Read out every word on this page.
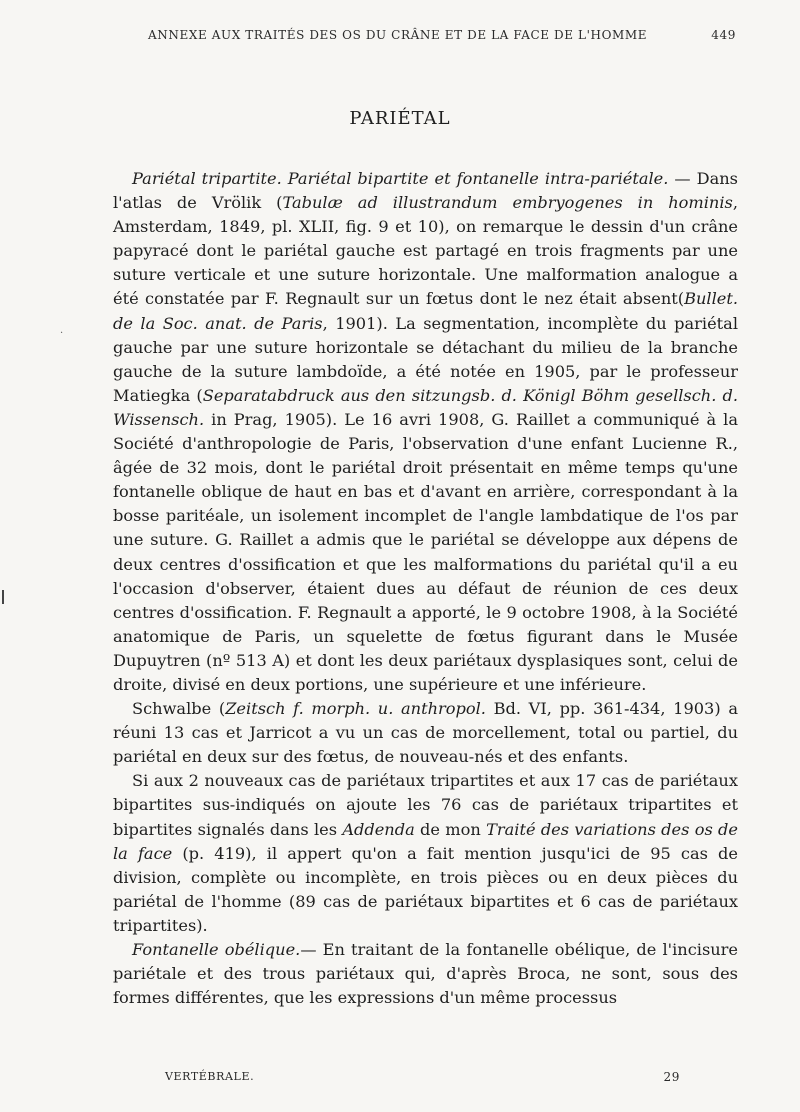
ANNEXE AUX TRAITÉS DES OS DU CRÂNE ET DE LA FACE DE L'HOMME	449
PARIÉTAL
·

Pariétal tripartite. Pariétal bipartite et fontanelle intra-pariétale. — Dans l'atlas de Vrölik (Tabulæ ad illustrandum embryogenes in hominis, Amsterdam, 1849, pl. XLII, fig. 9 et 10), on remarque le dessin d'un crâne papyracé dont le pariétal gauche est partagé en trois fragments par une suture verticale et une suture horizontale. Une malformation analogue a été constatée par F. Regnault sur un fœtus dont le nez était absent(Bullet. de la Soc. anat. de Paris, 1901). La segmentation, incomplète du pariétal gauche par une suture horizontale se détachant du milieu de la branche gauche de la suture lambdoïde, a été notée en 1905, par le professeur Matiegka (Separatabdruck aus den sitzungsb. d. Königl Böhm gesellsch. d. Wissensch. in Prag, 1905). Le 16 avri 1908, G. Raillet a communiqué à la Société d'anthropologie de Paris, l'observation d'une enfant Lucienne R., âgée de 32 mois, dont le pariétal droit présentait en même temps qu'une fontanelle oblique de haut en bas et d'avant en arrière, correspondant à la bosse paritéale, un isolement incomplet de l'angle lambdatique de l'os par une suture. G. Raillet a admis que le pariétal se développe aux dépens de deux centres d'ossification et que les malformations du pariétal qu'il a eu l'occasion d'observer, étaient dues au défaut de réunion de ces deux centres d'ossification. F. Regnault a apporté, le 9 octobre 1908, à la Société anatomique de Paris, un squelette de fœtus figurant dans le Musée Dupuytren (nº 513 A) et dont les deux pariétaux dysplasiques sont, celui de droite, divisé en deux portions, une supérieure et une inférieure.

Schwalbe (Zeitsch f. morph. u. anthropol. Bd. VI, pp. 361-434, 1903) a réuni 13 cas et Jarricot a vu un cas de morcellement, total ou partiel, du pariétal en deux sur des fœtus, de nouveau-nés et des enfants.

Si aux 2 nouveaux cas de pariétaux tripartites et aux 17 cas de pariétaux bipartites sus-indiqués on ajoute les 76 cas de pariétaux tripartites et bipartites signalés dans les Addenda de mon Traité des variations des os de la face (p. 419), il appert qu'on a fait mention jusqu'ici de 95 cas de division, complète ou incomplète, en trois pièces ou en deux pièces du pariétal de l'homme (89 cas de pariétaux bipartites et 6 cas de pariétaux tripartites).

Fontanelle obélique.— En traitant de la fontanelle obélique, de l'incisure pariétale et des trous pariétaux qui, d'après Broca, ne sont, sous des formes différentes, que les expressions d'un même processus

VERTÉBRALE.	29
